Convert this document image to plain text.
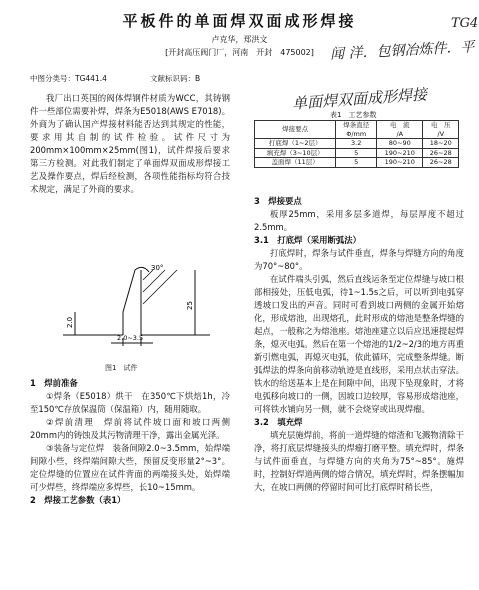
平板件的单面焊双面成形焊接
卢克华，郑洪文
[开封高压阀门厂，河南　开封　475002]
中图分类号：TG441.4	文献标识码：B
TG4
闻 洋．包钢冶炼件．平
单面焊双面成形焊接

我厂出口英国的阀体焊钢件材质为WCC，其铸钢件一些部位需要补焊，焊条为E5018(AWS E7018)。外商为了确认国产焊接材料能否达到其规定的性能，要求用其自制的试件检验。试件尺寸为200mm×100mm×25mm(图1)，试件焊接后要求第三方检测。对此我们制定了单面焊双面成形焊接工艺及操作要点，焊后经检测，各项性能指标均符合技术规定，满足了外商的要求。

30°
2.0
25
2.0~3.5
图1　试件

1　焊前准备

①焊条（E5018）烘干　在350℃下烘焙1h，冷至150℃存放保温筒（保温箱）内，随用随取。

②焊前清理　焊前将试件坡口面和坡口两侧20mm内的铸蚀及其污物清理干净，露出金属光泽。

③装备与定位焊　装备间隙2.0~3.5mm，始焊端间隙小些，终焊端间隙大些，预留反变形量2°~3°。定位焊缝的位置应在试件背面的两端接头处，始焊端可少焊些，终焊端应多焊些，长10~15mm。

2　焊接工艺参数（表1）

表1　工艺参数
焊接要点	焊条直径
Φ/mm	电　流
/A	电　压
/V
打底焊（1~2层）	3.2	80~90	18~20
填充焊（3~10层）	5	190~210	26~28
盖面焊（11层）	5	190~210	26~28

3　焊接要点

板厚25mm，采用多层多道焊，每层厚度不超过2.5mm。

3.1　打底焊（采用断弧法）

打底焊时，焊条与试件垂直，焊条与焊缝方向的角度为70°~80°。

在试件端头引弧，然后直线运条至定位焊缝与坡口根部相接处，压低电弧，待1~1.5s之后，可以听到电弧穿透坡口发出的声音。同时可看到坡口两侧的金属开始熔化，形成熔池，出现熔孔，此时形成的熔池是整条焊缝的起点，一般称之为熔池座。熔池座建立以后应迅速提起焊条，熄灭电弧。然后在第一个熔池的1/2~2/3的地方再重新引燃电弧，再熄灭电弧，依此循环，完成整条焊缝。断弧焊法的焊条向前移动轨迹是直线形，采用点状击穿法。铁水的给送基本上是在间隙中间，出现下坠现象时，才将电弧移向坡口的一侧，因坡口边较厚，容易形成熔池座，可将铁水铺向另一侧，就不会烧穿或出现焊瘤。

3.2　填充焊

填充层施焊前，将前一道焊缝的熔渣和飞溅物清除干净，将打底层焊缝接头的焊瘤打磨平整。填充焊时，焊条与试件面垂直，与焊缝方向的夹角为75°~85°。施焊时，控制好焊道两侧的熔合情况，填充焊时，焊条摆幅加大，在坡口两侧的停留时间可比打底焊时稍长些，
